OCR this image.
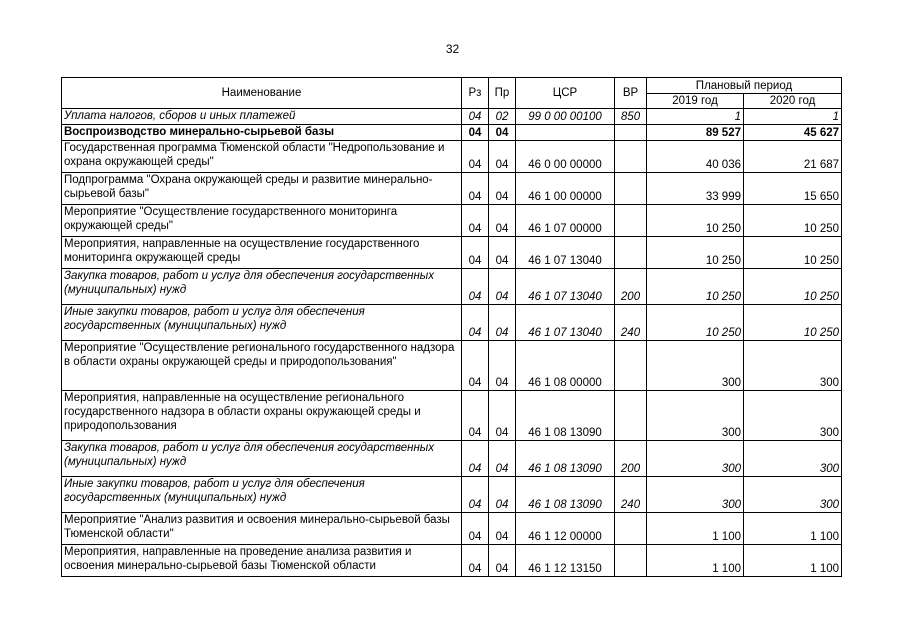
32
Наименование	Рз	Пр	ЦСР	ВР	Плановый период	
					2019 год	2020 год
Уплата налогов, сборов и иных платежей	04	02	99 0 00 00100	850	1	1
Воспроизводство минерально-сырьевой базы	04	04			89 527	45 627
Государственная программа Тюменской области "Недропользование и охрана окружающей среды"	04	04	46 0 00 00000		40 036	21 687
Подпрограмма "Охрана окружающей среды и развитие минерально-сырьевой базы"	04	04	46 1 00 00000		33 999	15 650
Мероприятие "Осуществление государственного мониторинга окружающей среды"	04	04	46 1 07 00000		10 250	10 250
Мероприятия, направленные на осуществление государственного мониторинга окружающей среды	04	04	46 1 07 13040		10 250	10 250
Закупка товаров, работ и услуг для обеспечения государственных (муниципальных) нужд	04	04	46 1 07 13040	200	10 250	10 250
Иные закупки товаров, работ и услуг для обеспечения государственных (муниципальных) нужд	04	04	46 1 07 13040	240	10 250	10 250
Мероприятие "Осуществление регионального государственного надзора в области охраны окружающей среды и природопользования"	04	04	46 1 08 00000		300	300
Мероприятия, направленные на осуществление регионального государственного надзора в области охраны окружающей среды и природопользования	04	04	46 1 08 13090		300	300
Закупка товаров, работ и услуг для обеспечения государственных (муниципальных) нужд	04	04	46 1 08 13090	200	300	300
Иные закупки товаров, работ и услуг для обеспечения государственных (муниципальных) нужд	04	04	46 1 08 13090	240	300	300
Мероприятие "Анализ развития и освоения минерально-сырьевой базы Тюменской области"	04	04	46 1 12 00000		1 100	1 100
Мероприятия, направленные на проведение анализа развития и освоения минерально-сырьевой базы Тюменской области	04	04	46 1 12 13150		1 100	1 100
